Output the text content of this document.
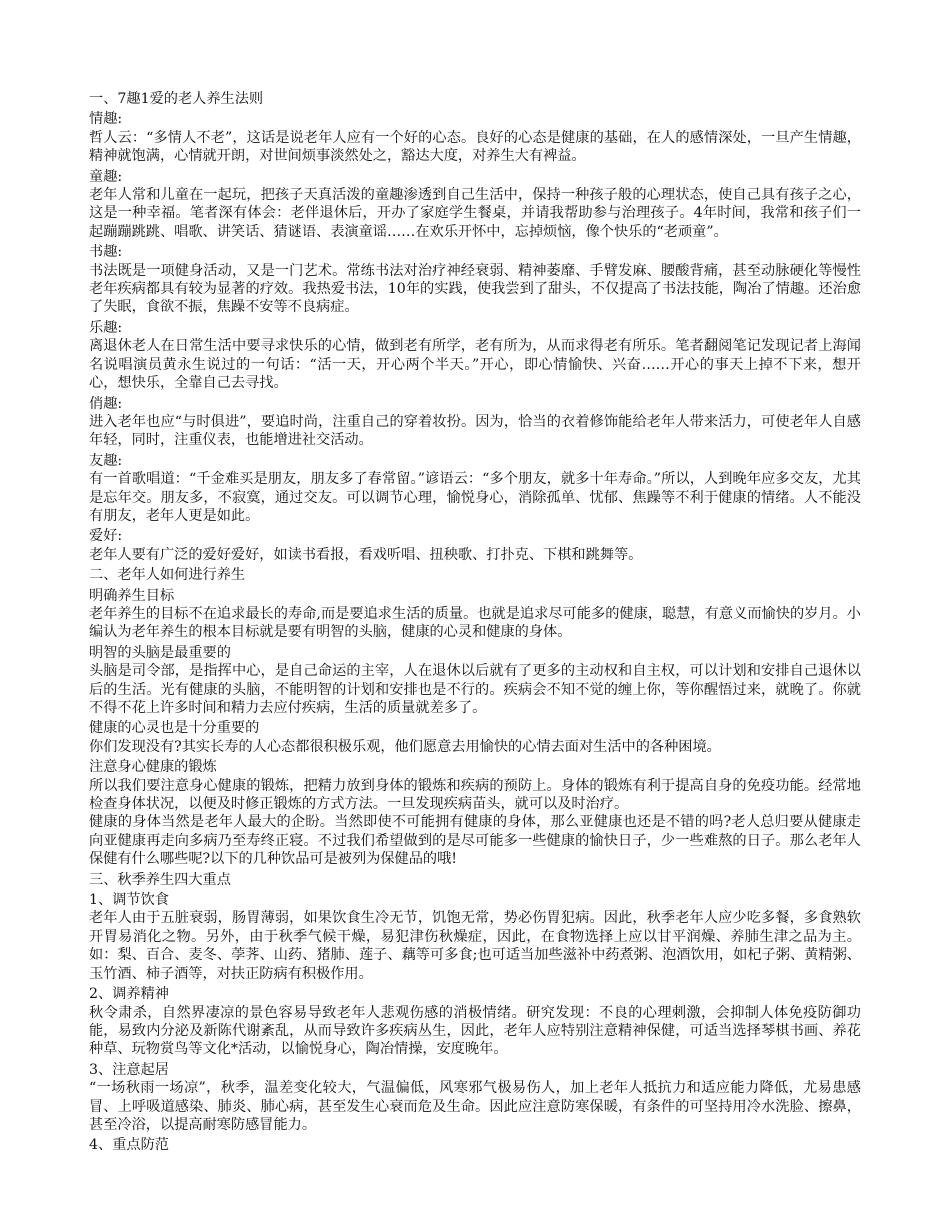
一、7趣1爱的老人养生法则

情趣:

哲人云：“多情人不老”，这话是说老年人应有一个好的心态。良好的心态是健康的基础，在人的感情深处，一旦产生情趣，精神就饱满，心情就开朗，对世间烦事淡然处之，豁达大度，对养生大有裨益。

童趣:

老年人常和儿童在一起玩，把孩子天真活泼的童趣渗透到自己生活中，保持一种孩子般的心理状态，使自己具有孩子之心，这是一种幸福。笔者深有体会：老伴退休后，开办了家庭学生餐桌，并请我帮助参与治理孩子。4年时间，我常和孩子们一起蹦蹦跳跳、唱歌、讲笑话、猜谜语、表演童谣……在欢乐开怀中，忘掉烦恼，像个快乐的“老顽童”。

书趣:

书法既是一项健身活动，又是一门艺术。常练书法对治疗神经衰弱、精神萎靡、手臂发麻、腰酸背痛，甚至动脉硬化等慢性老年疾病都具有较为显著的疗效。我热爱书法，10年的实践，使我尝到了甜头，不仅提高了书法技能，陶冶了情趣。还治愈了失眠，食欲不振，焦躁不安等不良病症。

乐趣:

离退休老人在日常生活中要寻求快乐的心情，做到老有所学，老有所为，从而求得老有所乐。笔者翻阅笔记发现记者上海闻名说唱演员黄永生说过的一句话：“活一天，开心两个半天。”开心，即心情愉快、兴奋……开心的事天上掉不下来，想开心，想快乐，全靠自己去寻找。

俏趣:

进入老年也应“与时俱进”，要追时尚，注重自己的穿着妆扮。因为，恰当的衣着修饰能给老年人带来活力，可使老年人自感年轻，同时，注重仪表，也能增进社交活动。

友趣:

有一首歌唱道：“千金难买是朋友，朋友多了春常留。”谚语云：“多个朋友，就多十年寿命。”所以，人到晚年应多交友，尤其是忘年交。朋友多，不寂寞，通过交友。可以调节心理，愉悦身心，消除孤单、忧郁、焦躁等不利于健康的情绪。人不能没有朋友，老年人更是如此。

爱好:

老年人要有广泛的爱好爱好，如读书看报，看戏听唱、扭秧歌、打扑克、下棋和跳舞等。

二、老年人如何进行养生

明确养生目标

老年养生的目标不在追求最长的寿命,而是要追求生活的质量。也就是追求尽可能多的健康，聪慧，有意义而愉快的岁月。小编认为老年养生的根本目标就是要有明智的头脑，健康的心灵和健康的身体。

明智的头脑是最重要的

头脑是司令部，是指挥中心，是自己命运的主宰，人在退休以后就有了更多的主动权和自主权，可以计划和安排自己退休以后的生活。光有健康的头脑，不能明智的计划和安排也是不行的。疾病会不知不觉的缠上你，等你醒悟过来，就晚了。你就不得不花上许多时间和精力去应付疾病，生活的质量就差多了。

健康的心灵也是十分重要的

你们发现没有?其实长寿的人心态都很积极乐观，他们愿意去用愉快的心情去面对生活中的各种困境。

注意身心健康的锻炼

所以我们要注意身心健康的锻炼，把精力放到身体的锻炼和疾病的预防上。身体的锻炼有利于提高自身的免疫功能。经常地检查身体状况，以便及时修正锻炼的方式方法。一旦发现疾病苗头，就可以及时治疗。

健康的身体当然是老年人最大的企盼。当然即使不可能拥有健康的身体，那么亚健康也还是不错的吗?老人总归要从健康走向亚健康再走向多病乃至寿终正寝。不过我们希望做到的是尽可能多一些健康的愉快日子，少一些难熬的日子。那么老年人保健有什么哪些呢?以下的几种饮品可是被列为保健品的哦!

三、秋季养生四大重点

1、调节饮食

老年人由于五脏衰弱，肠胃薄弱，如果饮食生冷无节，饥饱无常，势必伤胃犯病。因此，秋季老年人应少吃多餐，多食熟软开胃易消化之物。另外，由于秋季气候干燥，易犯津伤秋燥症，因此，在食物选择上应以甘平润燥、养肺生津之品为主。如：梨、百合、麦冬、荸荠、山药、猪肺、莲子、藕等可多食;也可适当加些滋补中药煮粥、泡酒饮用，如杞子粥、黄精粥、玉竹酒、柿子酒等，对扶正防病有积极作用。

2、调养精神

秋令肃杀，自然界凄凉的景色容易导致老年人悲观伤感的消极情绪。研究发现：不良的心理刺激，会抑制人体免疫防御功能，易致内分泌及新陈代谢紊乱，从而导致许多疾病丛生，因此，老年人应特别注意精神保健，可适当选择琴棋书画、养花种草、玩物赏鸟等文化*活动，以愉悦身心，陶冶情操，安度晚年。

3、注意起居

“一场秋雨一场凉”，秋季，温差变化较大，气温偏低，风寒邪气极易伤人，加上老年人抵抗力和适应能力降低，尤易患感冒、上呼吸道感染、肺炎、肺心病，甚至发生心衰而危及生命。因此应注意防寒保暖，有条件的可坚持用冷水洗脸、擦鼻，甚至冷浴，以提高耐寒防感冒能力。

4、重点防范
